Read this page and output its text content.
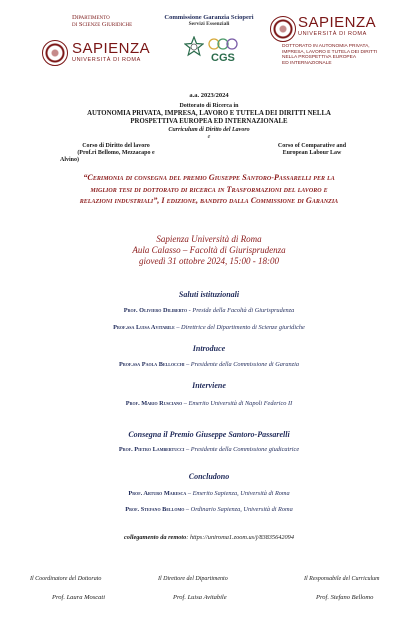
Dipartimento
di Scienze Giuridiche
SAPIENZA
UNIVERSITÀ DI ROMA
Commissione Garanzia Scioperi
Servizi Essenziali
CGS
SAPIENZA
UNIVERSITÀ DI ROMA
DOTTORATO IN AUTONOMIA PRIVATA,
IMPRESA, LAVORO E TUTELA DEI DIRITTI
NELLA PROSPETTIVA EUROPEA
ED INTERNAZIONALE
a.a. 2023/2024
Dottorato di Ricerca in
AUTONOMIA PRIVATA, IMPRESA, LAVORO E TUTELA DEI DIRITTI NELLA
PROSPETTIVA EUROPEA ED INTERNAZIONALE
Curriculum di Diritto del Lavoro
e
Corso di Diritto del lavoro
(Prof.ri Bellomo, Mezzacapo e
Alvino)
Corso of Comparative and
European Labour Law
“Cerimonia di consegna del premio Giuseppe Santoro-Passarelli per la
miglior tesi di dottorato di ricerca in Trasformazioni del lavoro e
relazioni industriali”, I edizione, bandito dalla Commissione di Garanzia
Sapienza Università di Roma
Aula Calasso – Facoltà di Giurisprudenza
giovedì 31 ottobre 2024, 15:00 - 18:00
Saluti istituzionali
Prof. Oliviero Diliberto - Preside della Facoltà di Giurisprudenza
Prof.ssa Luisa Avitabile – Direttrice del Dipartimento di Scienze giuridiche
Introduce
Prof.ssa Paola Bellocchi – Presidente della Commissione di Garanzia
Interviene
Prof. Mario Rusciano – Emerito Università di Napoli Federico II
Consegna il Premio Giuseppe Santoro-Passarelli
Prof. Pietro Lambertucci – Presidente della Commissione giudicatrice
Concludono
Prof. Arturo Maresca – Emerito Sapienza, Università di Roma
Prof. Stefano Bellomo – Ordinario Sapienza, Università di Roma
collegamento da remoto: https://uniroma1.zoom.us/j/83835642094
Il Coordinatore del Dottorato
Prof. Laura Moscati
Il Direttore del Dipartimento
Prof. Luisa Avitabile
Il Responsabile del Curriculum
Prof. Stefano Bellomo
